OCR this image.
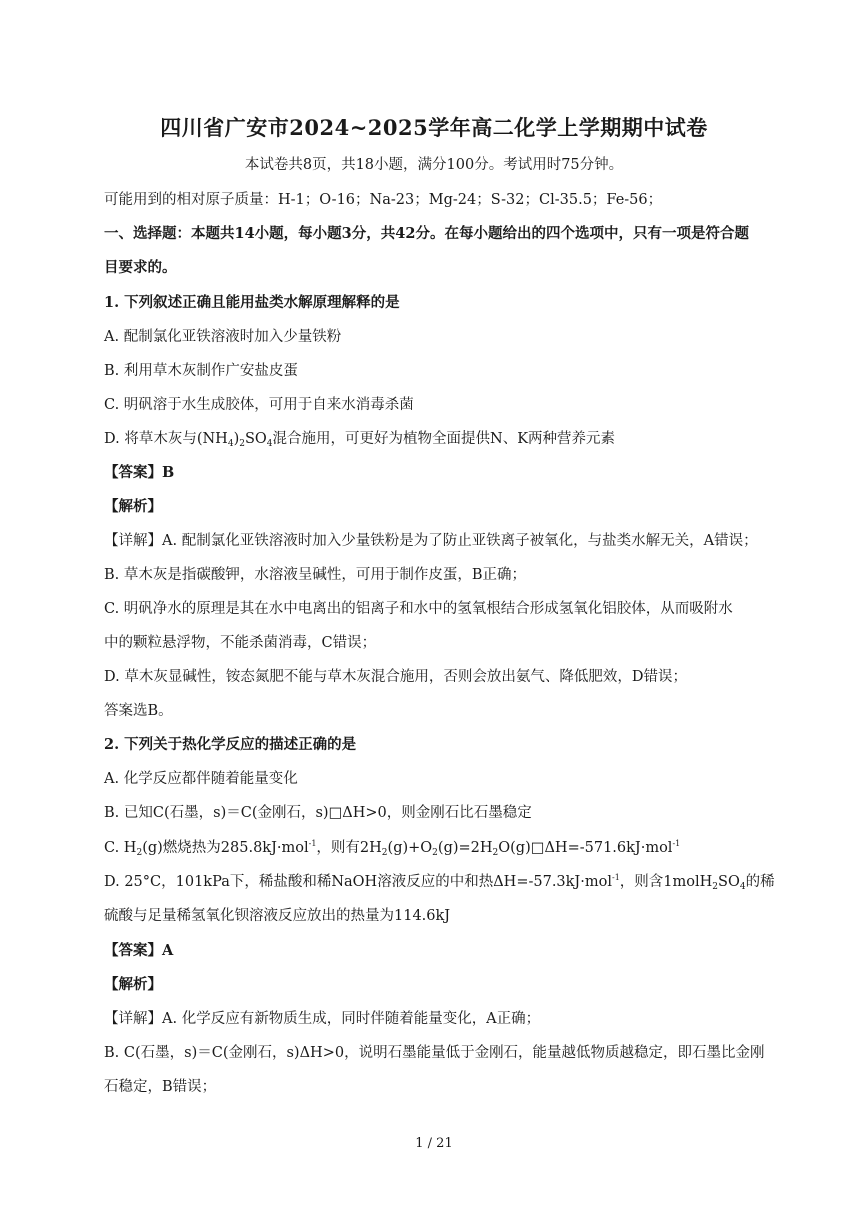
四川省广安市2024~2025学年高二化学上学期期中试卷
本试卷共8页，共18小题，满分100分。考试用时75分钟。
可能用到的相对原子质量：H-1；O-16；Na-23；Mg-24；S-32；Cl-35.5；Fe-56；
一、选择题：本题共14小题，每小题3分，共42分。在每小题给出的四个选项中，只有一项是符合题
目要求的。
1. 下列叙述正确且能用盐类水解原理解释的是
A. 配制氯化亚铁溶液时加入少量铁粉
B. 利用草木灰制作广安盐皮蛋
C. 明矾溶于水生成胶体，可用于自来水消毒杀菌
D. 将草木灰与$(NH_4)_2SO_4$混合施用，可更好为植物全面提供N、K两种营养元素
【答案】B
【解析】
【详解】A. 配制氯化亚铁溶液时加入少量铁粉是为了防止亚铁离子被氧化，与盐类水解无关，A错误；
B. 草木灰是指碳酸钾，水溶液呈碱性，可用于制作皮蛋，B正确；
C. 明矾净水的原理是其在水中电离出的铝离子和水中的氢氧根结合形成氢氧化铝胶体，从而吸附水
中的颗粒悬浮物，不能杀菌消毒，C错误；
D. 草木灰显碱性，铵态氮肥不能与草木灰混合施用，否则会放出氨气、降低肥效，D错误；
答案选B。
2. 下列关于热化学反应的描述正确的是
A. 化学反应都伴随着能量变化
B. 已知C(石墨，s)＝C(金刚石，s)□ΔH>0，则金刚石比石墨稳定
C. $H_2(g)$燃烧热为285.8kJ·mol$^{-1}$，则有$2H_2(g)+O_2(g)=2H_2O(g)□\Delta H=-571.6kJ\cdot mol^{-1}$
D. 25°C，101kPa下，稀盐酸和稀NaOH溶液反应的中和热ΔH=-57.3kJ·mol$^{-1}$，则含$1molH_2SO_4$的稀
硫酸与足量稀氢氧化钡溶液反应放出的热量为114.6kJ
【答案】A
【解析】
【详解】A. 化学反应有新物质生成，同时伴随着能量变化，A正确；
B. C(石墨，s)＝C(金刚石，s)ΔH>0，说明石墨能量低于金刚石，能量越低物质越稳定，即石墨比金刚
石稳定，B错误；
1 / 21
